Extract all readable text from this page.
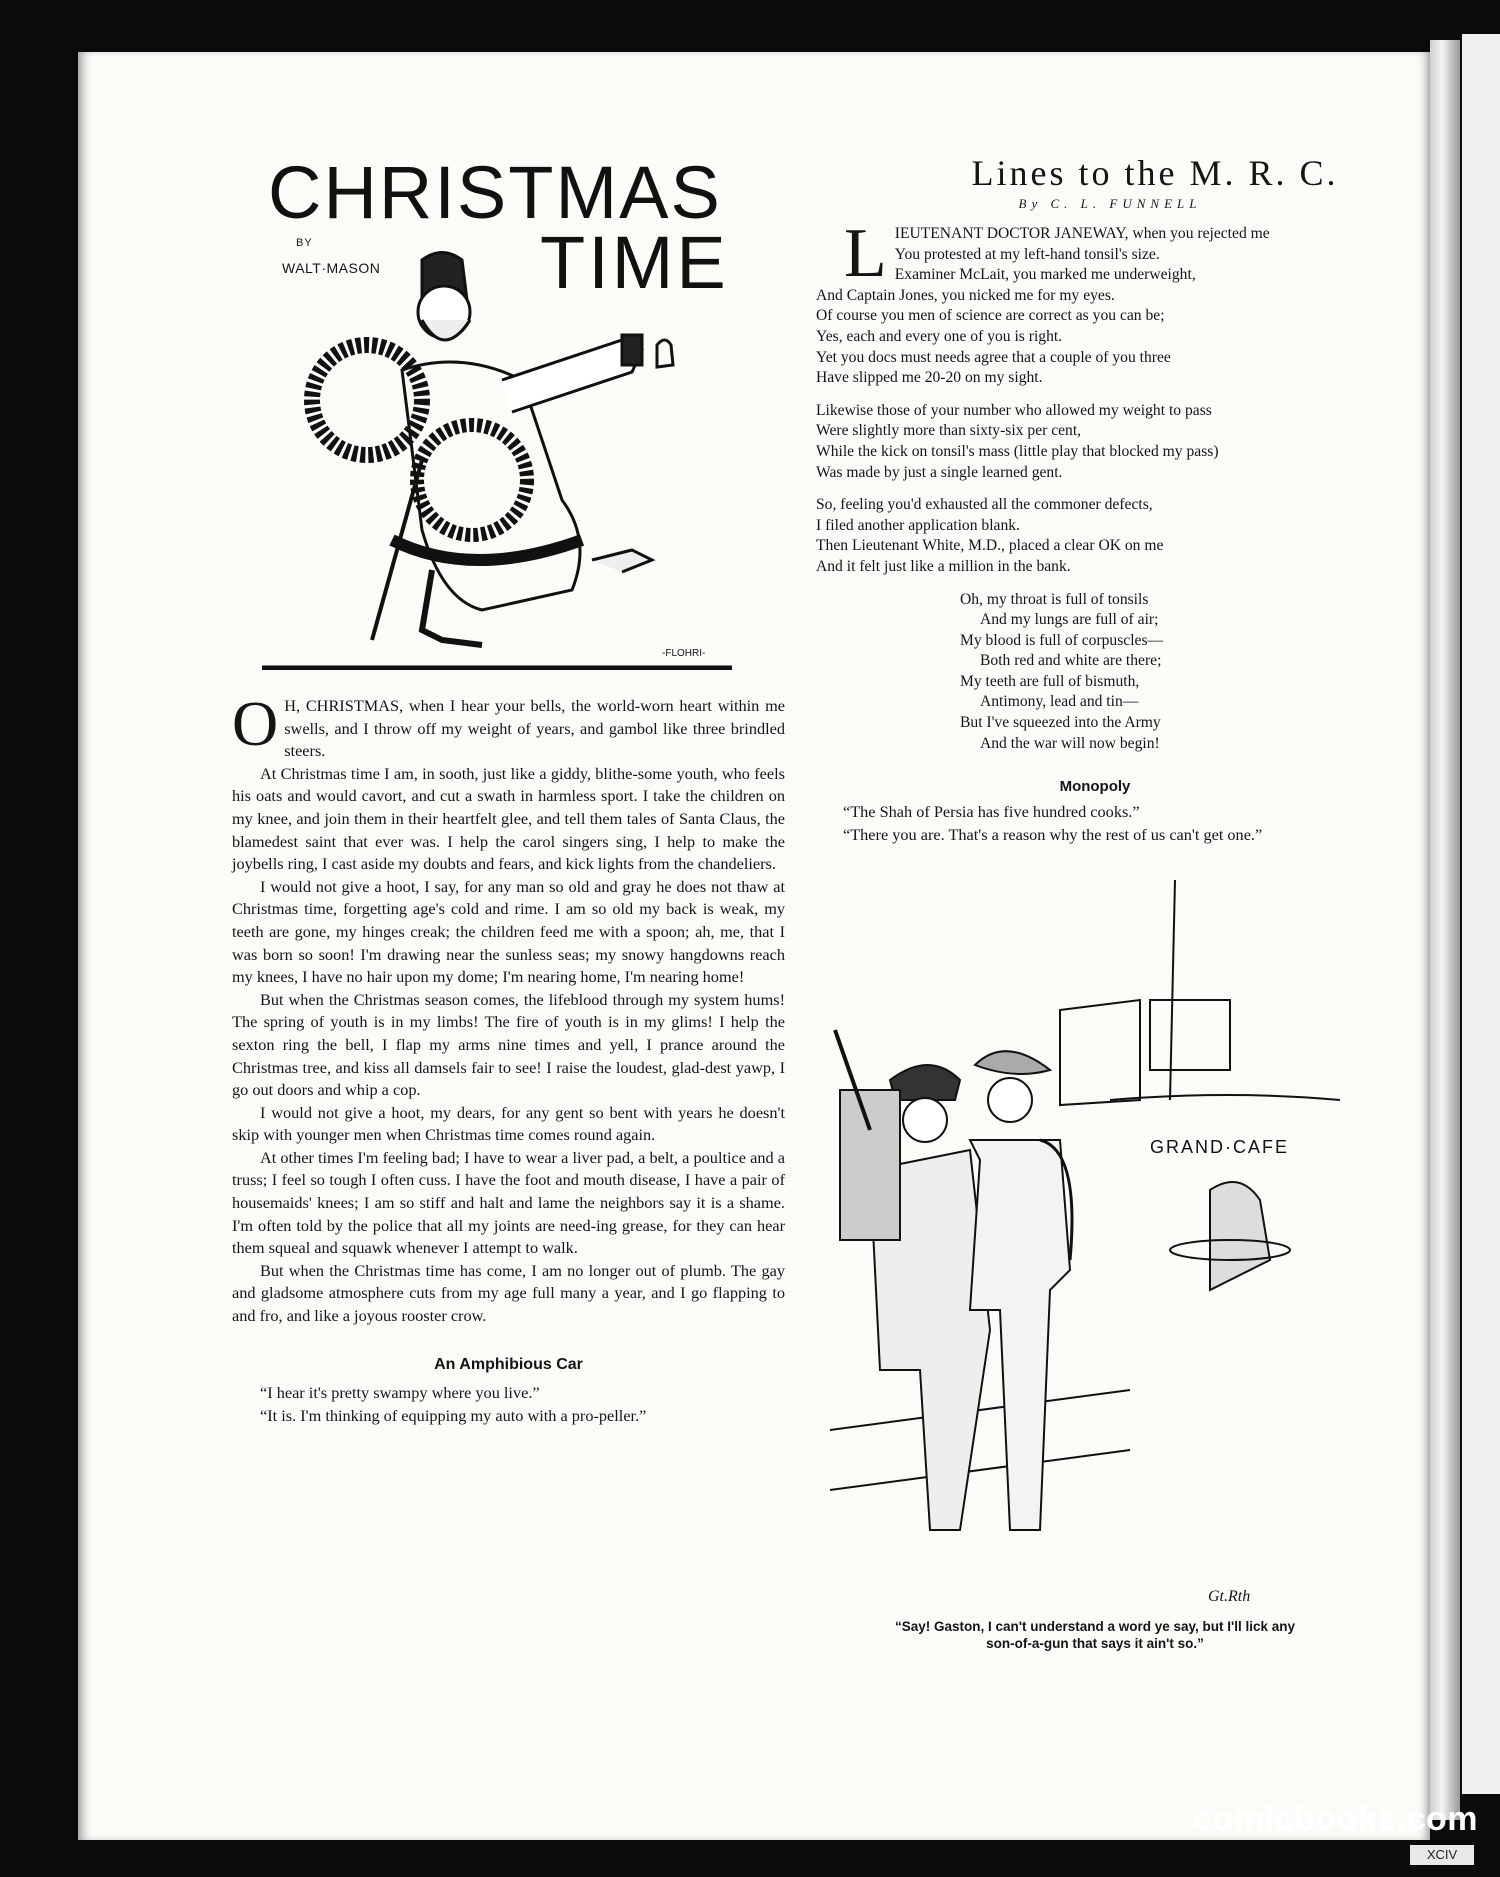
CHRISTMAS
BY
WALT·MASON TIME
-FLOHRI-

O H, CHRISTMAS, when I hear your bells, the world-worn heart within me swells, and I throw off my weight of years, and gambol like three brindled steers.

At Christmas time I am, in sooth, just like a giddy, blithe-some youth, who feels his oats and would cavort, and cut a swath in harmless sport. I take the children on my knee, and join them in their heartfelt glee, and tell them tales of Santa Claus, the blamedest saint that ever was. I help the carol singers sing, I help to make the joybells ring, I cast aside my doubts and fears, and kick lights from the chandeliers.

I would not give a hoot, I say, for any man so old and gray he does not thaw at Christmas time, forgetting age's cold and rime. I am so old my back is weak, my teeth are gone, my hinges creak; the children feed me with a spoon; ah, me, that I was born so soon! I'm drawing near the sunless seas; my snowy hangdowns reach my knees, I have no hair upon my dome; I'm nearing home, I'm nearing home!

But when the Christmas season comes, the lifeblood through my system hums! The spring of youth is in my limbs! The fire of youth is in my glims! I help the sexton ring the bell, I flap my arms nine times and yell, I prance around the Christmas tree, and kiss all damsels fair to see! I raise the loudest, glad-dest yawp, I go out doors and whip a cop.

I would not give a hoot, my dears, for any gent so bent with years he doesn't skip with younger men when Christmas time comes round again.

At other times I'm feeling bad; I have to wear a liver pad, a belt, a poultice and a truss; I feel so tough I often cuss. I have the foot and mouth disease, I have a pair of housemaids' knees; I am so stiff and halt and lame the neighbors say it is a shame. I'm often told by the police that all my joints are need-ing grease, for they can hear them squeal and squawk whenever I attempt to walk.

But when the Christmas time has come, I am no longer out of plumb. The gay and gladsome atmosphere cuts from my age full many a year, and I go flapping to and fro, and like a joyous rooster crow.

An Amphibious Car

“I hear it's pretty swampy where you live.”

“It is. I'm thinking of equipping my auto with a pro-peller.”

Lines to the M. R. C.
By C. L. FUNNELL
L IEUTENANT DOCTOR JANEWAY, when you rejected me
You protested at my left-hand tonsil's size.
Examiner McLait, you marked me underweight,
And Captain Jones, you nicked me for my eyes.
Of course you men of science are correct as you can be;
Yes, each and every one of you is right.
Yet you docs must needs agree that a couple of you three
Have slipped me 20-20 on my sight.
Likewise those of your number who allowed my weight to pass
Were slightly more than sixty-six per cent,
While the kick on tonsil's mass (little play that blocked my pass)
Was made by just a single learned gent.
So, feeling you'd exhausted all the commoner defects,
I filed another application blank.
Then Lieutenant White, M.D., placed a clear OK on me
And it felt just like a million in the bank.
Oh, my throat is full of tonsils
And my lungs are full of air;
My blood is full of corpuscles—
Both red and white are there;
My teeth are full of bismuth,
Antimony, lead and tin—
But I've squeezed into the Army
And the war will now begin!
Monopoly

“The Shah of Persia has five hundred cooks.”

“There you are. That's a reason why the rest of us can't get one.”

GRAND·CAFE
Gt.Rth
“Say! Gaston, I can't understand a word ye say, but I'll lick any
son-of-a-gun that says it ain't so.”
comicbooks.com
XCIV
